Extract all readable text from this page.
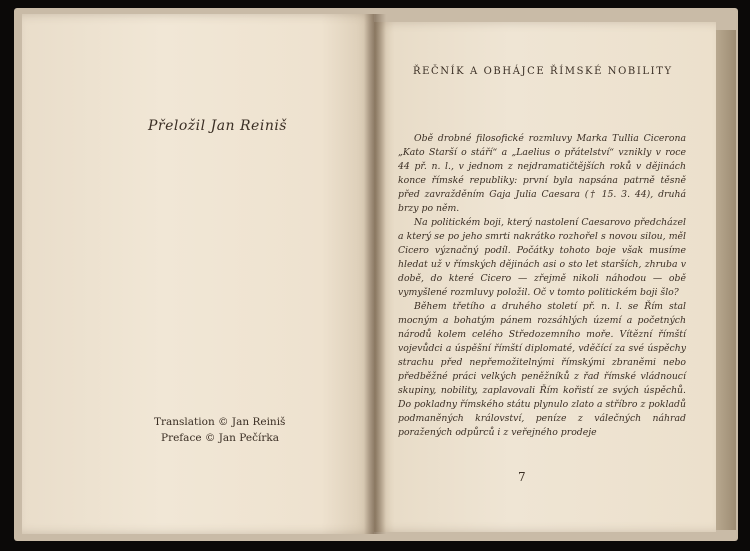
Přeložil Jan Reiniš
Translation © Jan Reiniš
Preface © Jan Pečírka
ŘEČNÍK A OBHÁJCE ŘÍMSKÉ NOBILITY

Obě drobné filosofické rozmluvy Marka Tullia Cicerona „Kato Starší o stáří“ a „Laelius o přátelství“ vznikly v roce 44 př. n. l., v jednom z nejdramatičtějších roků v dějinách konce římské republiky: první byla napsána patrně těsně před zavražděním Gaja Julia Caesara († 15. 3. 44), druhá brzy po něm.

Na politickém boji, který nastolení Caesarovo předcházel a který se po jeho smrti nakrátko rozhořel s novou silou, měl Cicero význačný podíl. Počátky tohoto boje však musíme hledat už v římských dějinách asi o sto let starších, zhruba v době, do které Cicero — zřejmě nikoli náhodou — obě vymyšlené rozmluvy položil. Oč v tomto politickém boji šlo?

Během třetího a druhého století př. n. l. se Řím stal mocným a bohatým pánem rozsáhlých území a početných národů kolem celého Středozemního moře. Vítězní římští vojevůdci a úspěšní římští diplomaté, vděčící za své úspěchy strachu před nepřemožitelnými římskými zbraněmi nebo předběžné práci velkých peněžníků z řad římské vládnoucí skupiny, nobility, zaplavovali Řím kořistí ze svých úspěchů. Do pokladny římského státu plynulo zlato a stříbro z pokladů podmaněných království, peníze z válečných náhrad poražených odpůrců i z veřejného prodeje

7
